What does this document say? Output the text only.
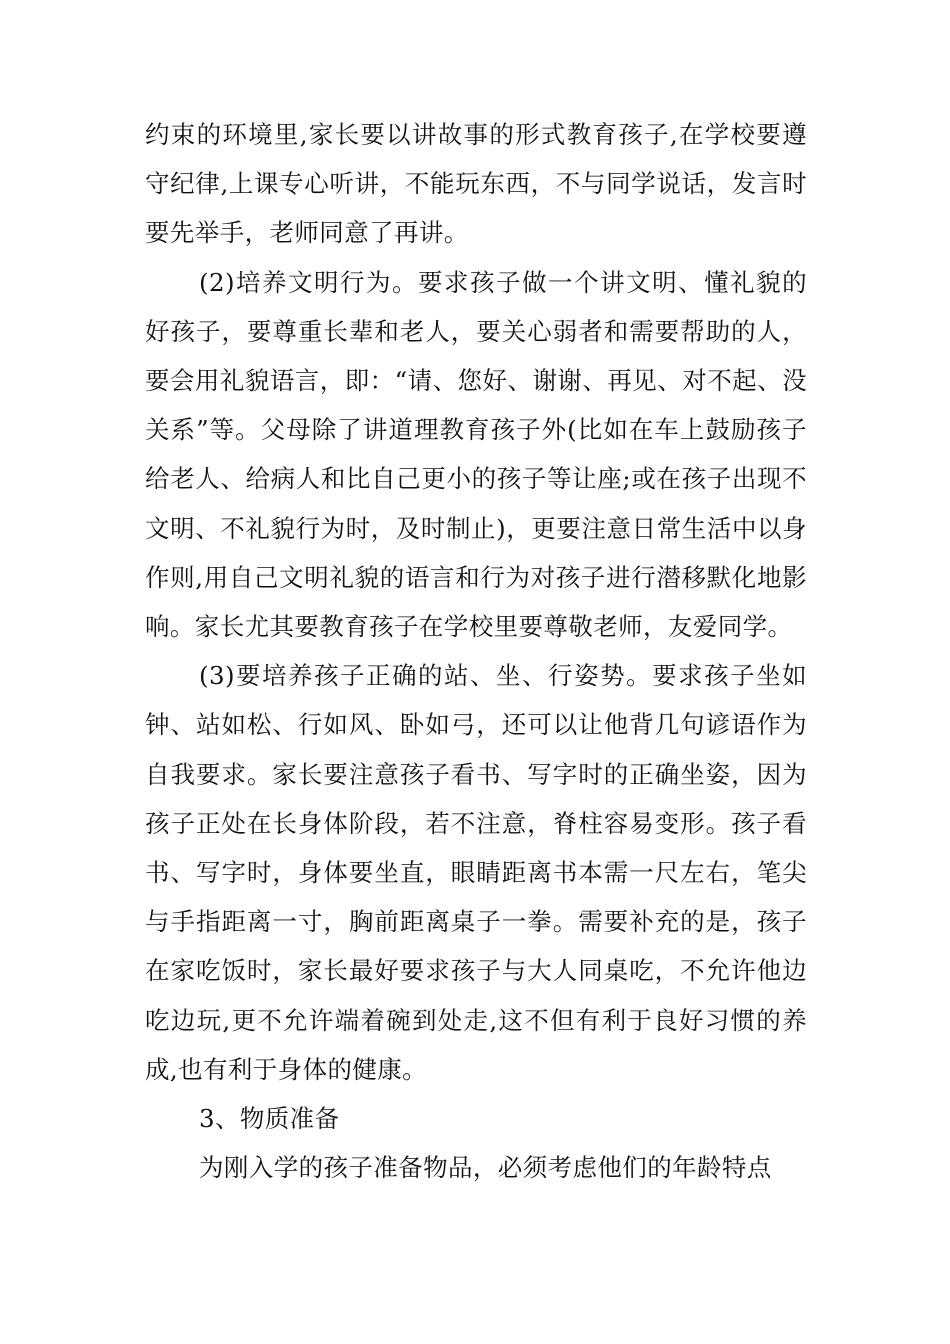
约束的环境里,家长要以讲故事的形式教育孩子,在学校要遵守纪律,上课专心听讲，不能玩东西，不与同学说话，发言时要先举手，老师同意了再讲。

(2)培养文明行为。要求孩子做一个讲文明、懂礼貌的好孩子，要尊重长辈和老人，要关心弱者和需要帮助的人，要会用礼貌语言，即：“请、您好、谢谢、再见、对不起、没关系”等。父母除了讲道理教育孩子外(比如在车上鼓励孩子给老人、给病人和比自己更小的孩子等让座;或在孩子出现不文明、不礼貌行为时，及时制止)，更要注意日常生活中以身作则,用自己文明礼貌的语言和行为对孩子进行潜移默化地影响。家长尤其要教育孩子在学校里要尊敬老师，友爱同学。

(3)要培养孩子正确的站、坐、行姿势。要求孩子坐如钟、站如松、行如风、卧如弓，还可以让他背几句谚语作为自我要求。家长要注意孩子看书、写字时的正确坐姿，因为孩子正处在长身体阶段，若不注意，脊柱容易变形。孩子看书、写字时，身体要坐直，眼睛距离书本需一尺左右，笔尖与手指距离一寸，胸前距离桌子一拳。需要补充的是，孩子在家吃饭时，家长最好要求孩子与大人同桌吃，不允许他边吃边玩,更不允许端着碗到处走,这不但有利于良好习惯的养成,也有利于身体的健康。

3、物质准备

为刚入学的孩子准备物品，必须考虑他们的年龄特点
